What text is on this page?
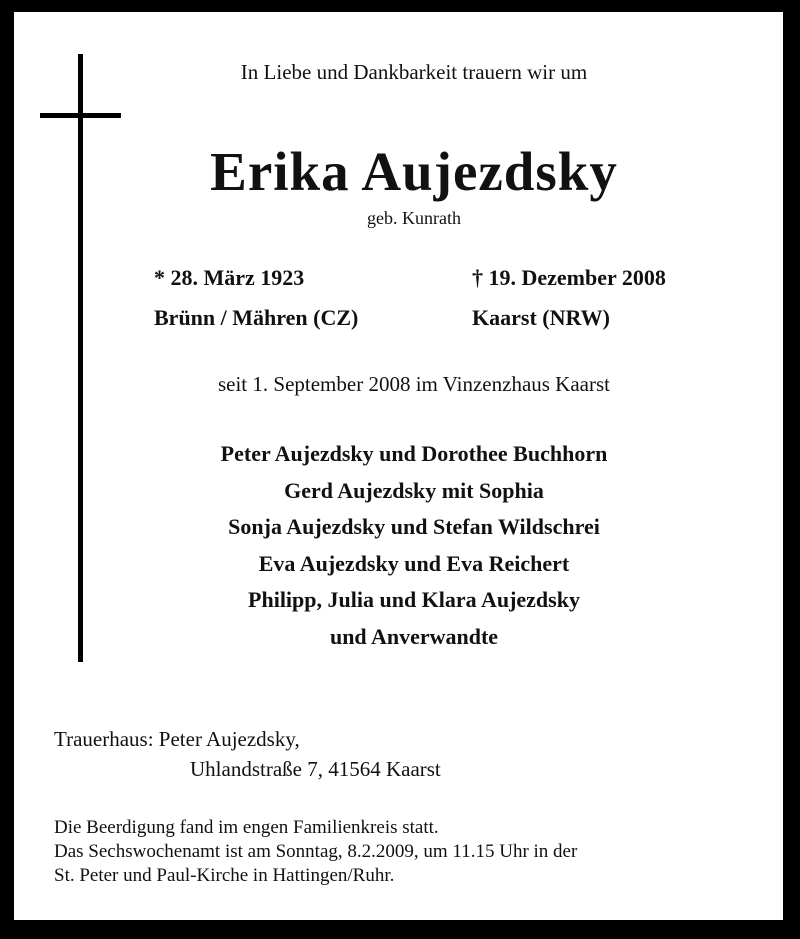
In Liebe und Dankbarkeit trauern wir um
Erika Aujezdsky
geb. Kunrath
* 28. März 1923
Brünn / Mähren (CZ)
† 19. Dezember 2008
Kaarst (NRW)
seit 1. September 2008 im Vinzenzhaus Kaarst
Peter Aujezdsky und Dorothee Buchhorn
Gerd Aujezdsky mit Sophia
Sonja Aujezdsky und Stefan Wildschrei
Eva Aujezdsky und Eva Reichert
Philipp, Julia und Klara Aujezdsky
und Anverwandte
Trauerhaus: Peter Aujezdsky,
Uhlandstraße 7, 41564 Kaarst
Die Beerdigung fand im engen Familienkreis statt.
Das Sechswochenamt ist am Sonntag, 8.2.2009, um 11.15 Uhr in der
St. Peter und Paul-Kirche in Hattingen/Ruhr.
